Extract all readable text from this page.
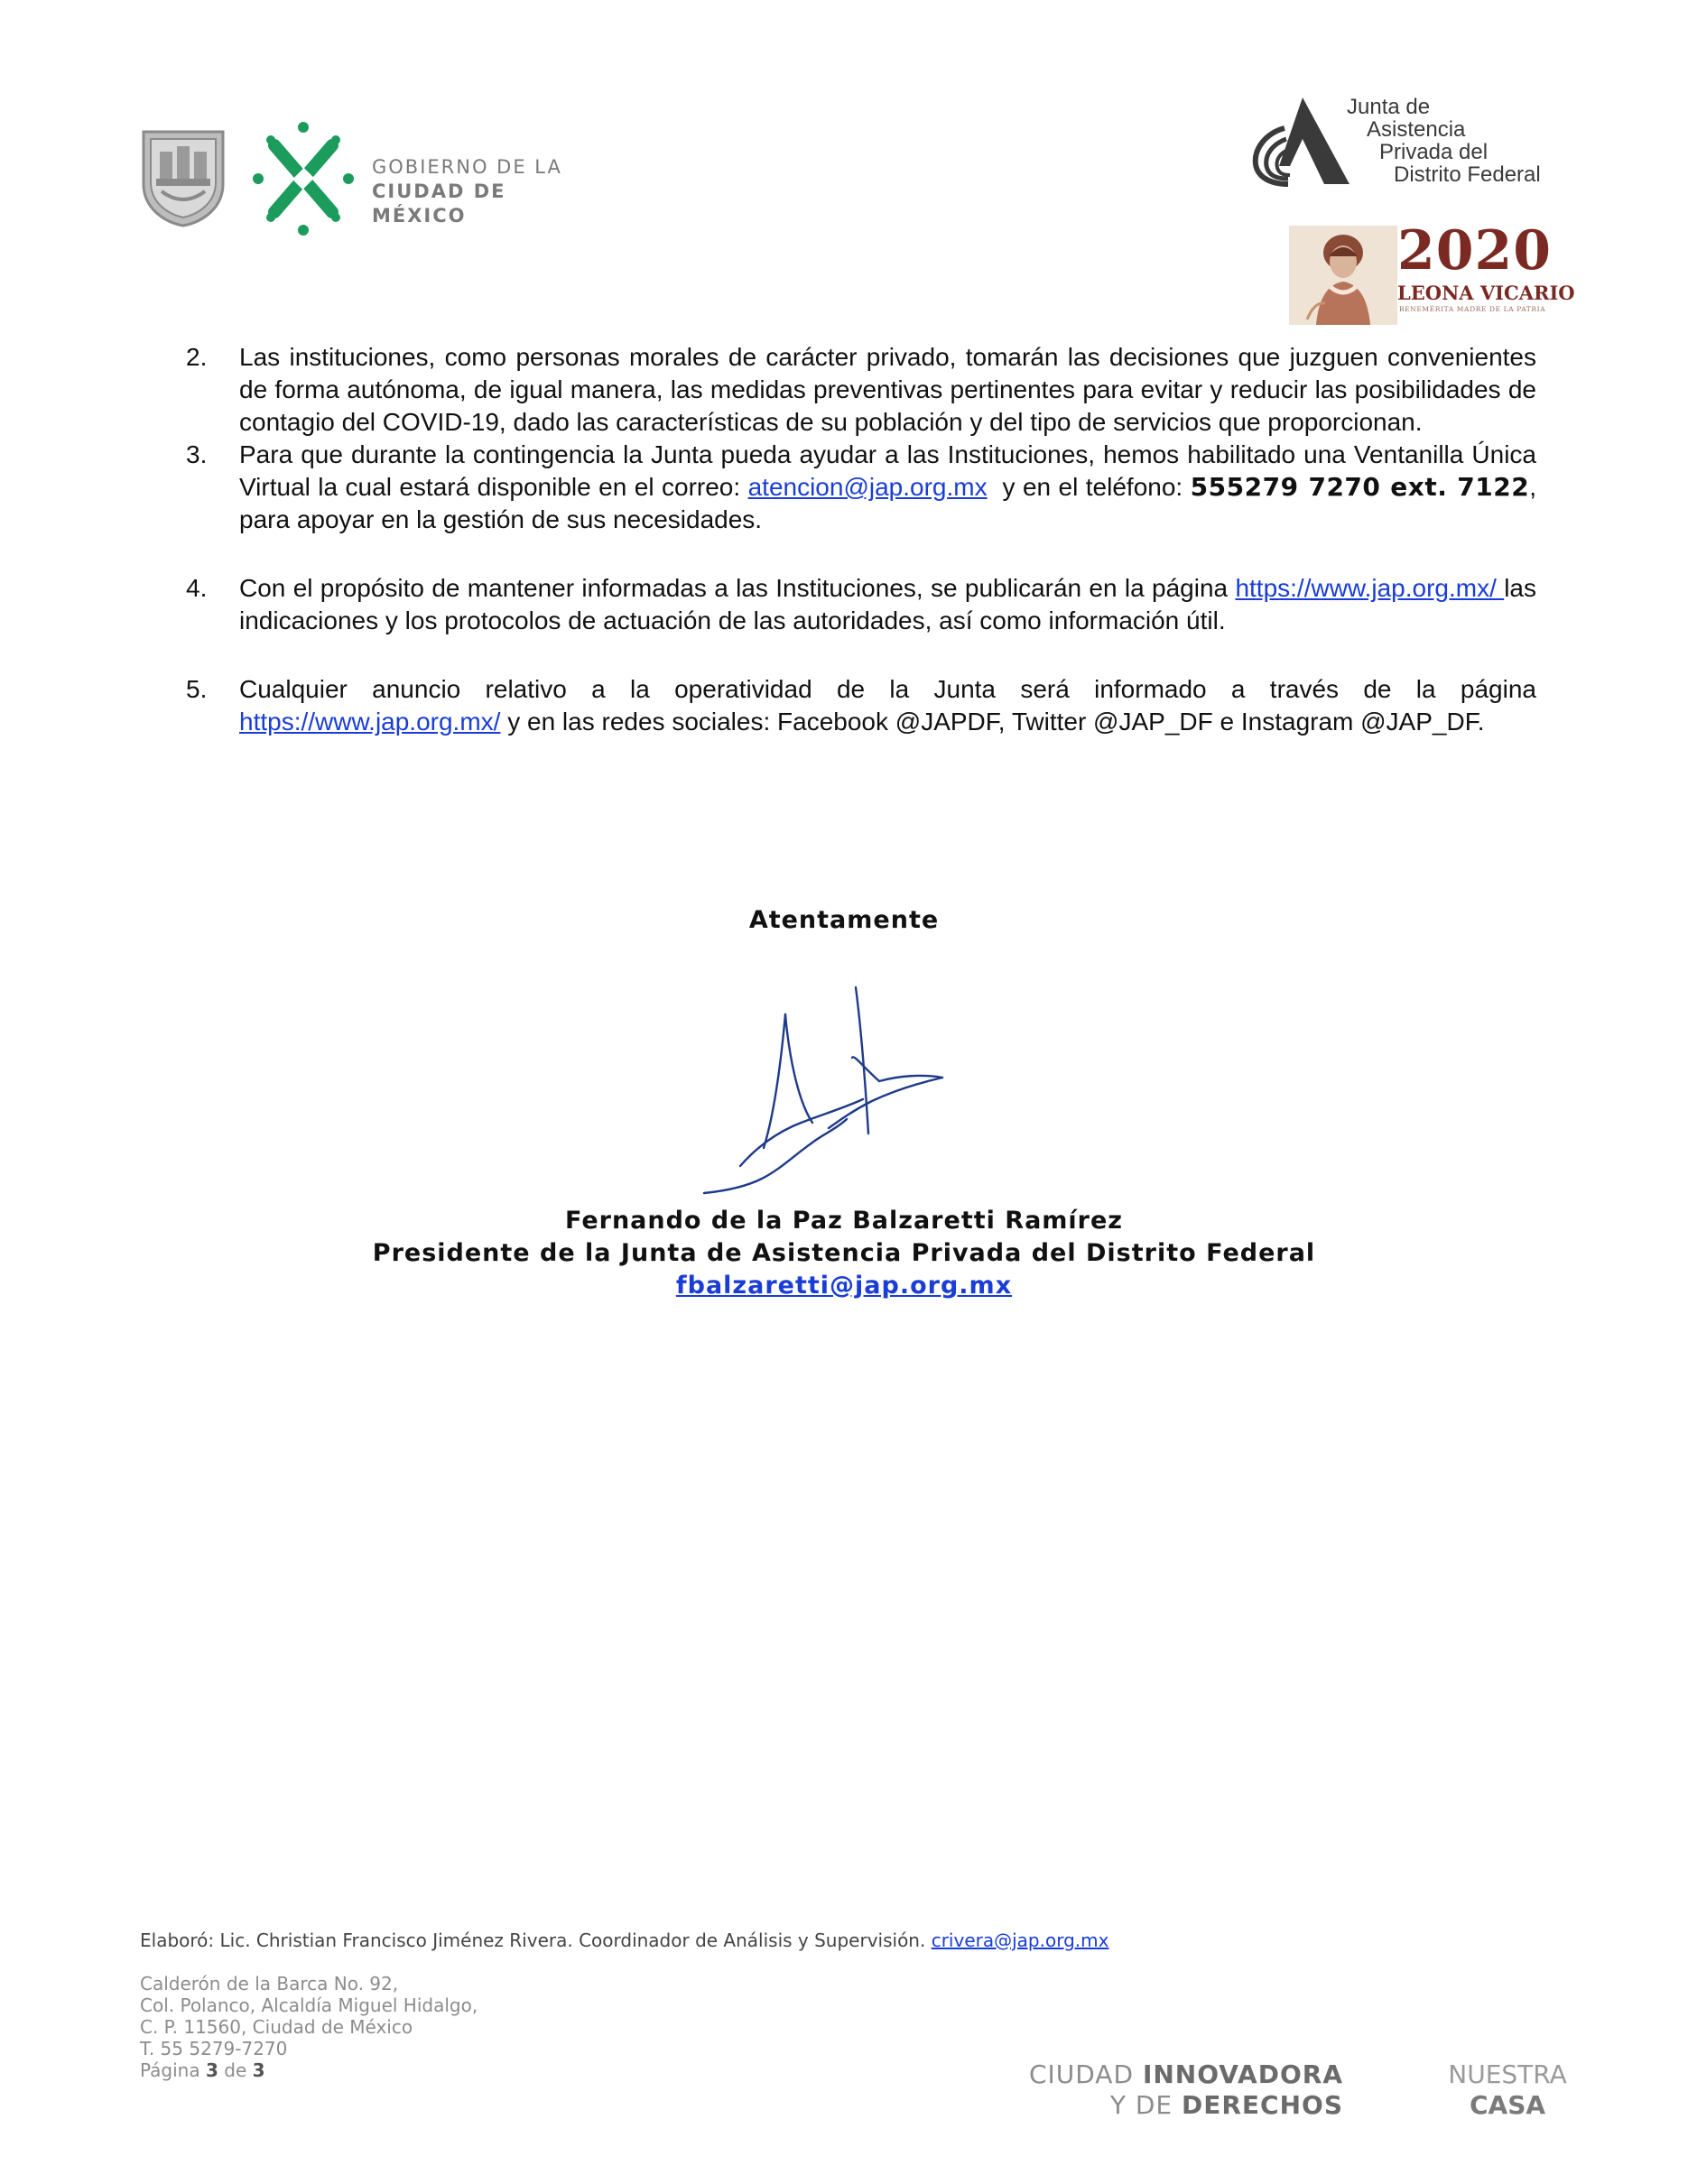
GOBIERNO DE LA
CIUDAD DE MÉXICO
Junta de
Asistencia
Privada del
Distrito Federal
2020
LEONA VICARIO
BENEMÉRITA MADRE DE LA PATRIA
2. Las instituciones, como personas morales de carácter privado, tomarán las decisiones que juzguen convenientes de forma autónoma, de igual manera, las medidas preventivas pertinentes para evitar y reducir las posibilidades de contagio del COVID-19, dado las características de su población y del tipo de servicios que proporcionan.
3. Para que durante la contingencia la Junta pueda ayudar a las Instituciones, hemos habilitado una Ventanilla Única Virtual la cual estará disponible en el correo: atencion@jap.org.mx  y en el teléfono: 555279 7270 ext. 7122, para apoyar en la gestión de sus necesidades.
4. Con el propósito de mantener informadas a las Instituciones, se publicarán en la página https://www.jap.org.mx/ las indicaciones y los protocolos de actuación de las autoridades, así como información útil.
5. Cualquier anuncio relativo a la operatividad de la Junta será informado a través de la página https://www.jap.org.mx/ y en las redes sociales: Facebook @JAPDF, Twitter @JAP_DF e Instagram @JAP_DF.
Atentamente
Fernando de la Paz Balzaretti Ramírez
Presidente de la Junta de Asistencia Privada del Distrito Federal
fbalzaretti@jap.org.mx
Elaboró: Lic. Christian Francisco Jiménez Rivera. Coordinador de Análisis y Supervisión. crivera@jap.org.mx
Calderón de la Barca No. 92,
Col. Polanco, Alcaldía Miguel Hidalgo,
C. P. 11560, Ciudad de México
T. 55 5279-7270
Página 3 de 3	CIUDAD INNOVADORA
Y DE DERECHOS
NUESTRA
CASA
